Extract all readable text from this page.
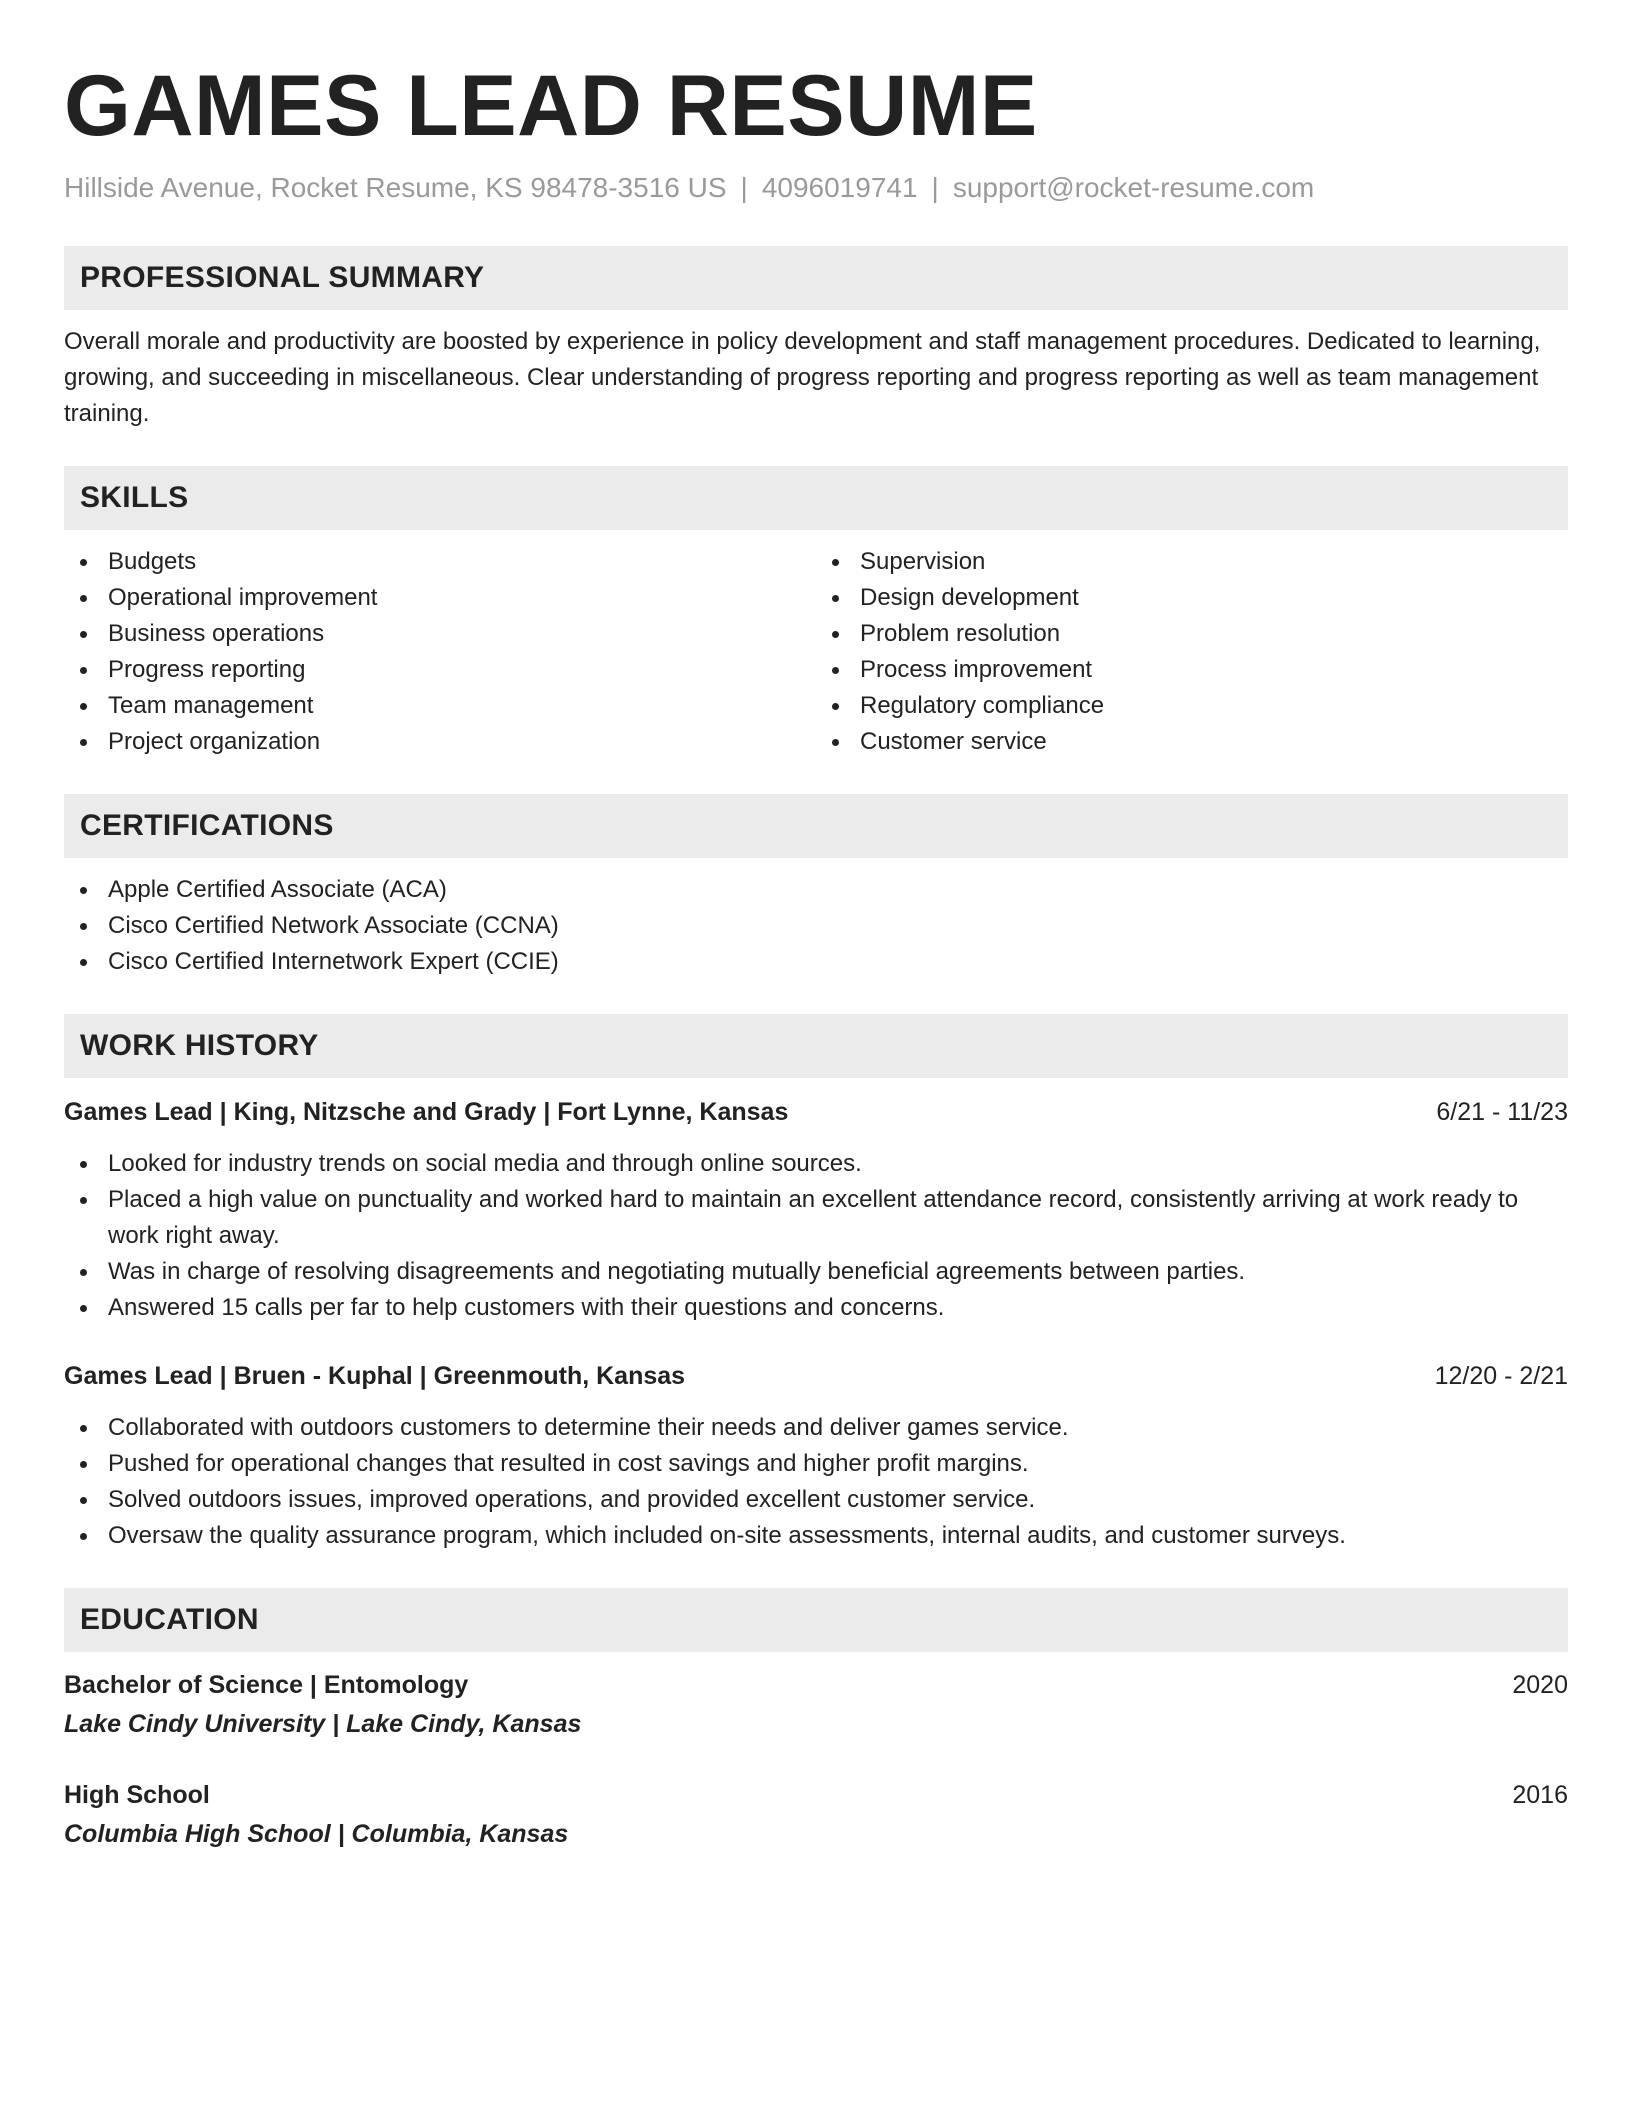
GAMES LEAD RESUME
Hillside Avenue, Rocket Resume, KS 98478-3516 US | 4096019741 | support@rocket-resume.com
PROFESSIONAL SUMMARY

Overall morale and productivity are boosted by experience in policy development and staff management procedures. Dedicated to learning, growing, and succeeding in miscellaneous. Clear understanding of progress reporting and progress reporting as well as team management training.

SKILLS
Budgets
Operational improvement
Business operations
Progress reporting
Team management
Project organization
Supervision
Design development
Problem resolution
Process improvement
Regulatory compliance
Customer service
CERTIFICATIONS
Apple Certified Associate (ACA)
Cisco Certified Network Associate (CCNA)
Cisco Certified Internetwork Expert (CCIE)
WORK HISTORY
Games Lead | King, Nitzsche and Grady | Fort Lynne, Kansas	6/21 - 11/23
Looked for industry trends on social media and through online sources.
Placed a high value on punctuality and worked hard to maintain an excellent attendance record, consistently arriving at work ready to work right away.
Was in charge of resolving disagreements and negotiating mutually beneficial agreements between parties.
Answered 15 calls per far to help customers with their questions and concerns.
Games Lead | Bruen - Kuphal | Greenmouth, Kansas	12/20 - 2/21
Collaborated with outdoors customers to determine their needs and deliver games service.
Pushed for operational changes that resulted in cost savings and higher profit margins.
Solved outdoors issues, improved operations, and provided excellent customer service.
Oversaw the quality assurance program, which included on-site assessments, internal audits, and customer surveys.
EDUCATION
Bachelor of Science | Entomology	2020
Lake Cindy University | Lake Cindy, Kansas
High School	2016
Columbia High School | Columbia, Kansas
